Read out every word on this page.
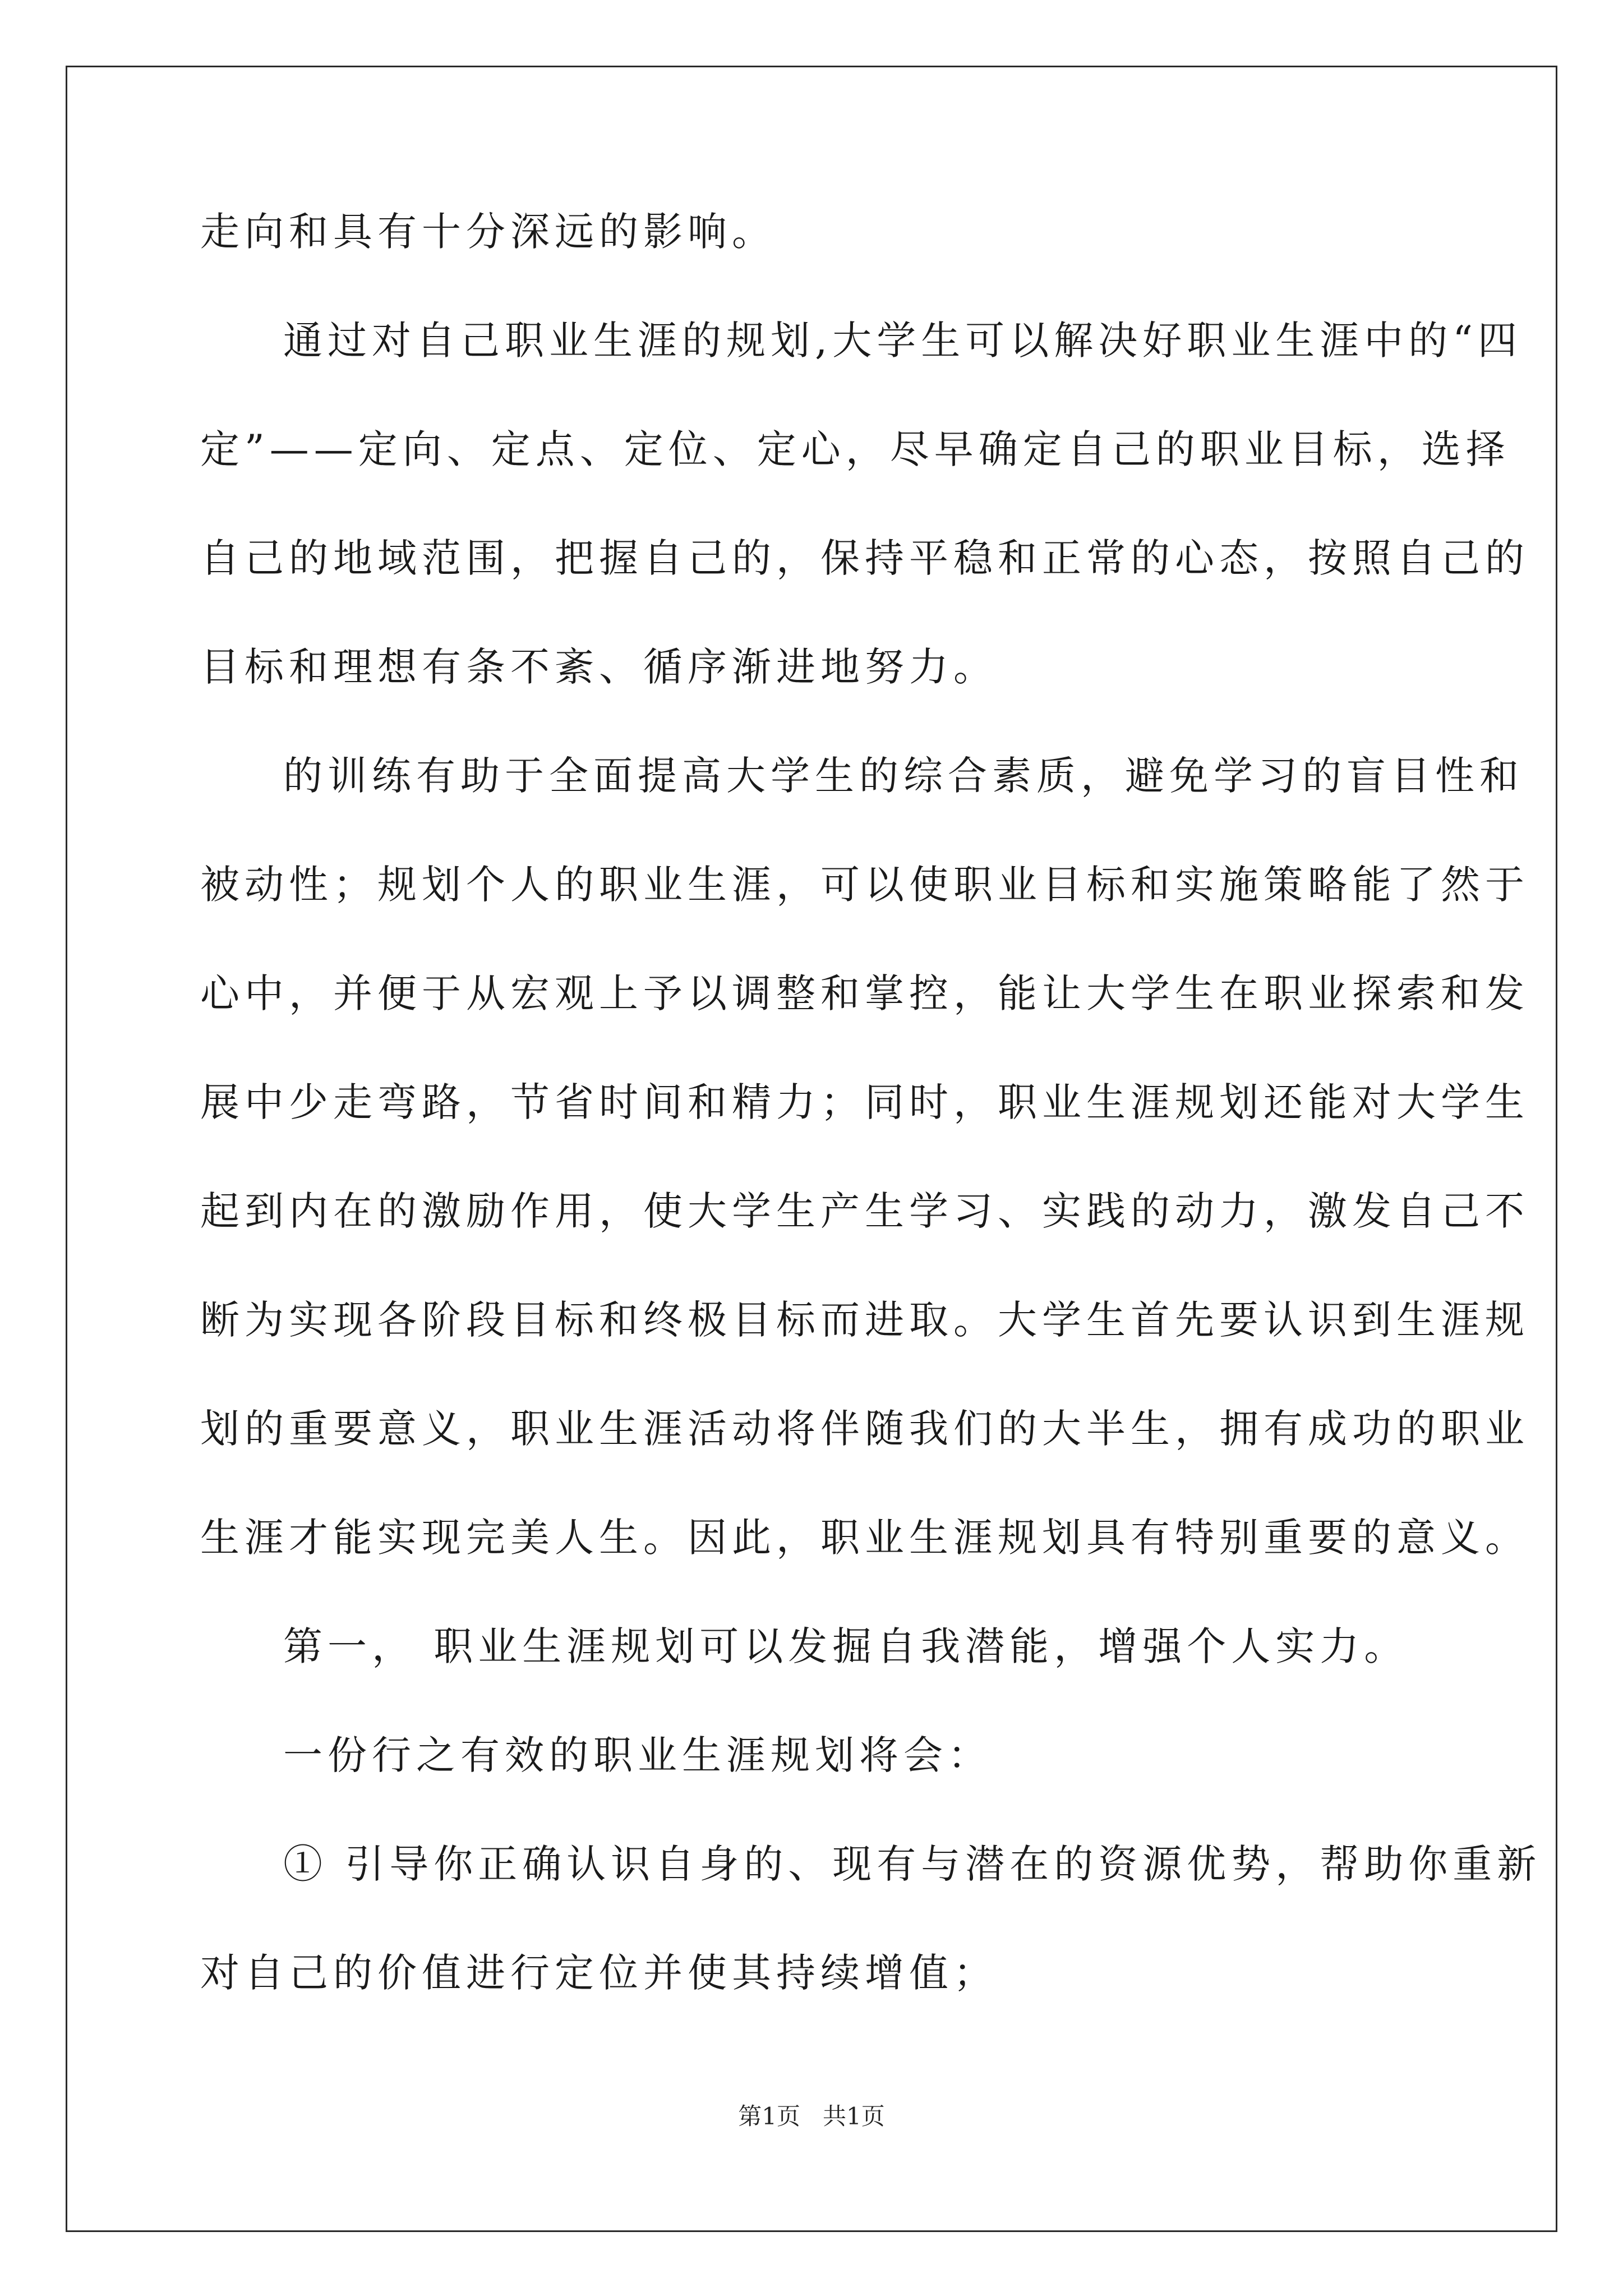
走向和具有十分深远的影响。
通过对自己职业生涯的规划,大学生可以解决好职业生涯中的“四
定”——定向、定点、定位、定心，尽早确定自己的职业目标，选择
自己的地域范围，把握自己的，保持平稳和正常的心态，按照自己的
目标和理想有条不紊、循序渐进地努力。
的训练有助于全面提高大学生的综合素质，避免学习的盲目性和
被动性；规划个人的职业生涯，可以使职业目标和实施策略能了然于
心中，并便于从宏观上予以调整和掌控，能让大学生在职业探索和发
展中少走弯路，节省时间和精力；同时，职业生涯规划还能对大学生
起到内在的激励作用，使大学生产生学习、实践的动力，激发自己不
断为实现各阶段目标和终极目标而进取。大学生首先要认识到生涯规
划的重要意义，职业生涯活动将伴随我们的大半生，拥有成功的职业
生涯才能实现完美人生。因此，职业生涯规划具有特别重要的意义。
第一， 职业生涯规划可以发掘自我潜能，增强个人实力。
一份行之有效的职业生涯规划将会：
① 引导你正确认识自身的、现有与潜在的资源优势，帮助你重新
对自己的价值进行定位并使其持续增值；
第1页   共1页
